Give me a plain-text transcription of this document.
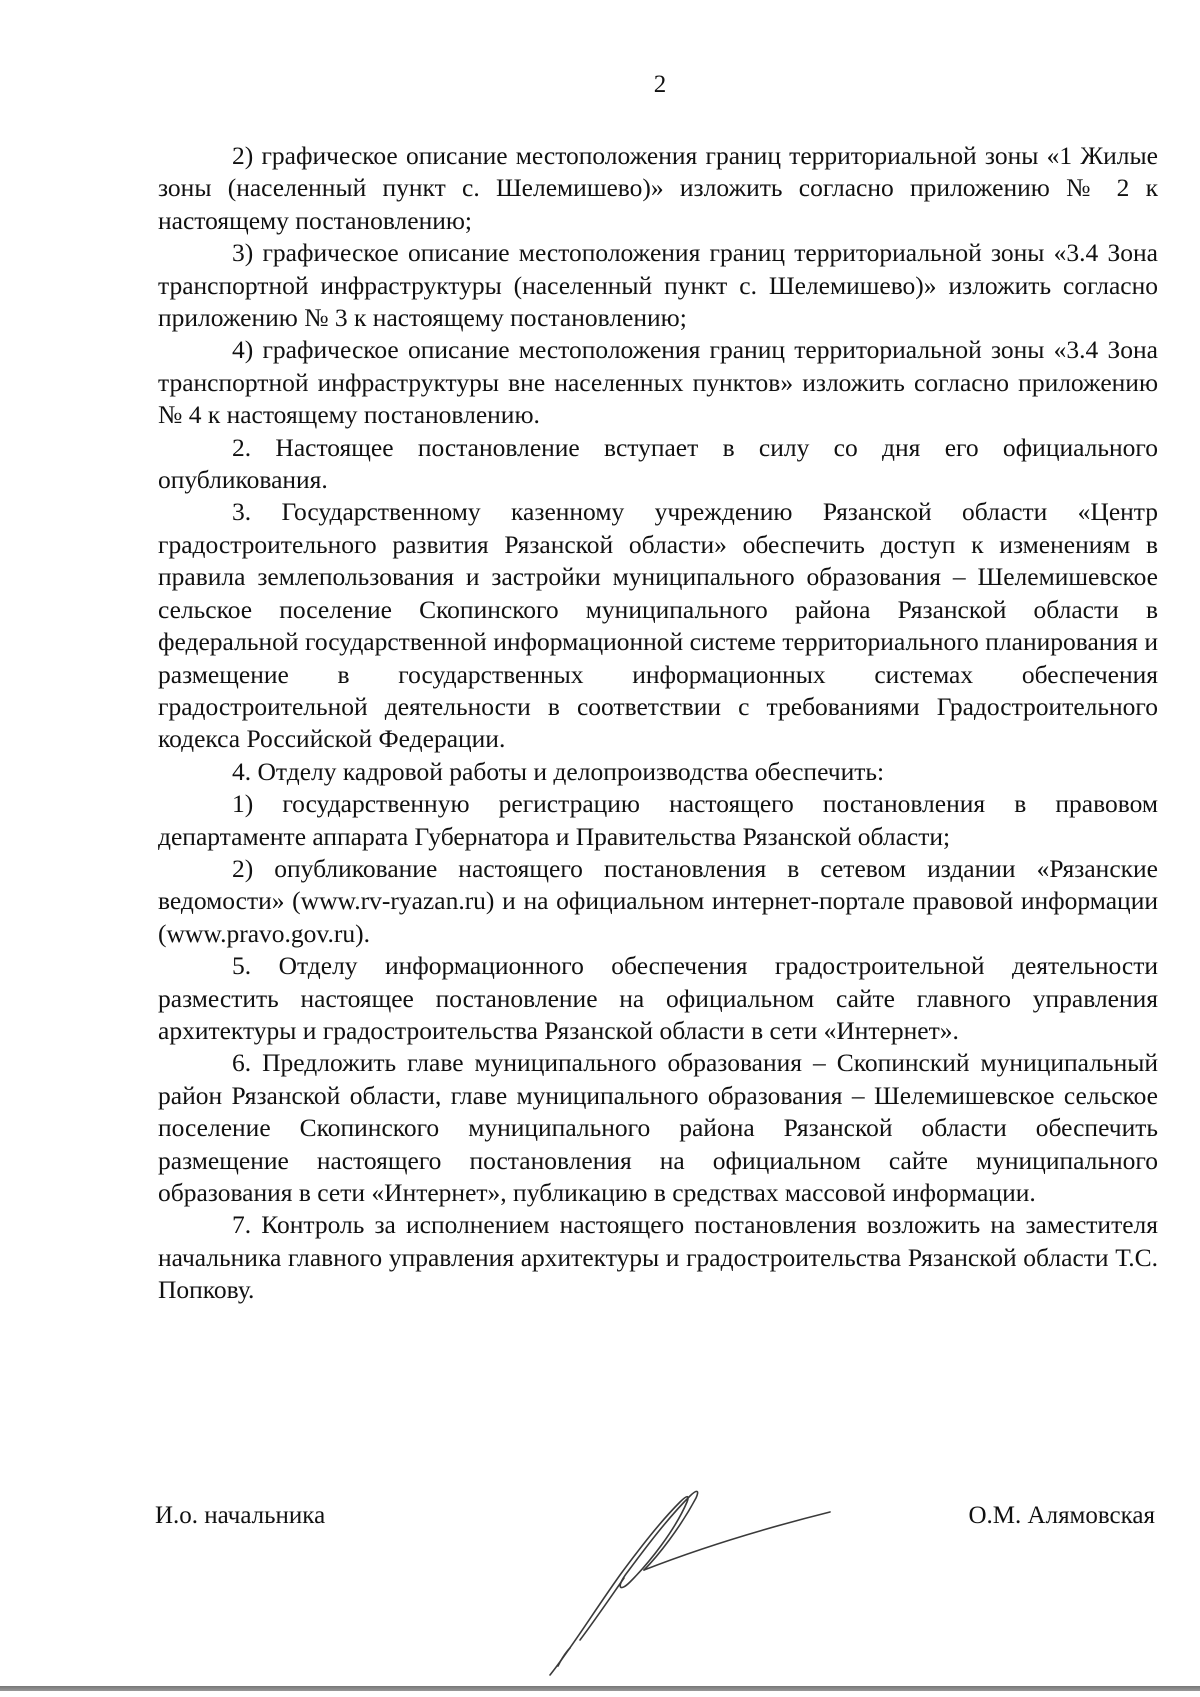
2

2) графическое описание местоположения границ территориальной зоны «1 Жилые зоны (населенный пункт с. Шелемишево)» изложить согласно приложению № 2 к настоящему постановлению;

3) графическое описание местоположения границ территориальной зоны «3.4 Зона транспортной инфраструктуры (населенный пункт с. Шелемишево)» изложить согласно приложению № 3 к настоящему постановлению;

4) графическое описание местоположения границ территориальной зоны «3.4 Зона транспортной инфраструктуры вне населенных пунктов» изложить согласно приложению № 4 к настоящему постановлению.

2. Настоящее постановление вступает в силу со дня его официального опубликования.

3. Государственному казенному учреждению Рязанской области «Центр градостроительного развития Рязанской области» обеспечить доступ к изменениям в правила землепользования и застройки муниципального образования – Шелемишевское сельское поселение Скопинского муниципального района Рязанской области в федеральной государственной информационной системе территориального планирования и размещение в государственных информационных системах обеспечения градостроительной деятельности в соответствии с требованиями Градостроительного кодекса Российской Федерации.

4. Отделу кадровой работы и делопроизводства обеспечить:

1) государственную регистрацию настоящего постановления в правовом департаменте аппарата Губернатора и Правительства Рязанской области;

2) опубликование настоящего постановления в сетевом издании «Рязанские ведомости» (www.rv-ryazan.ru) и на официальном интернет-портале правовой информации (www.pravo.gov.ru).

5. Отделу информационного обеспечения градостроительной деятельности разместить настоящее постановление на официальном сайте главного управления архитектуры и градостроительства Рязанской области в сети «Интернет».

6. Предложить главе муниципального образования – Скопинский муниципальный район Рязанской области, главе муниципального образования – Шелемишевское сельское поселение Скопинского муниципального района Рязанской области обеспечить размещение настоящего постановления на официальном сайте муниципального образования в сети «Интернет», публикацию в средствах массовой информации.

7. Контроль за исполнением настоящего постановления возложить на заместителя начальника главного управления архитектуры и градостроительства Рязанской области Т.С. Попкову.

И.о. начальника	О.М. Алямовская
